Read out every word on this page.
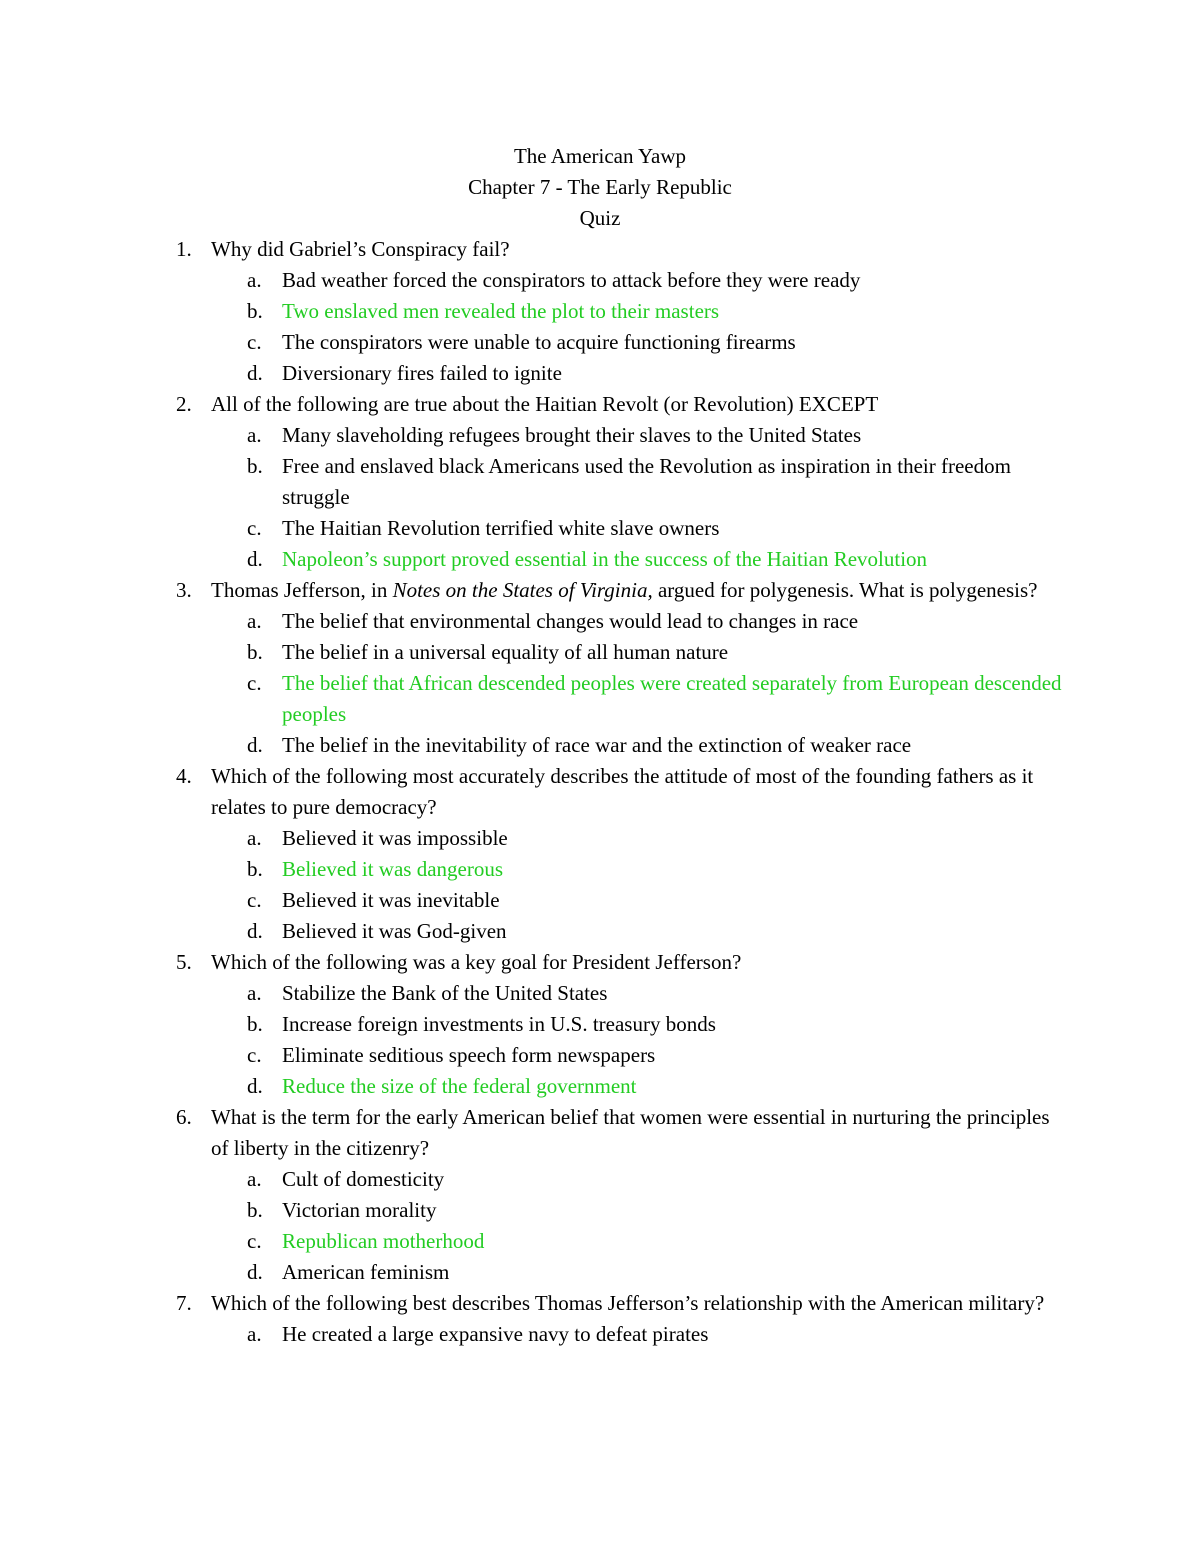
The American Yawp
Chapter 7 - The Early Republic
Quiz
1. Why did Gabriel’s Conspiracy fail?
a. Bad weather forced the conspirators to attack before they were ready
b. Two enslaved men revealed the plot to their masters
c. The conspirators were unable to acquire functioning firearms
d. Diversionary fires failed to ignite
2. All of the following are true about the Haitian Revolt (or Revolution) EXCEPT
a. Many slaveholding refugees brought their slaves to the United States
b. Free and enslaved black Americans used the Revolution as inspiration in their freedom struggle
c. The Haitian Revolution terrified white slave owners
d. Napoleon’s support proved essential in the success of the Haitian Revolution
3. Thomas Jefferson, in Notes on the States of Virginia, argued for polygenesis. What is polygenesis?
a. The belief that environmental changes would lead to changes in race
b. The belief in a universal equality of all human nature
c. The belief that African descended peoples were created separately from European descended peoples
d. The belief in the inevitability of race war and the extinction of weaker race
4. Which of the following most accurately describes the attitude of most of the founding fathers as it relates to pure democracy?
a. Believed it was impossible
b. Believed it was dangerous
c. Believed it was inevitable
d. Believed it was God-given
5. Which of the following was a key goal for President Jefferson?
a. Stabilize the Bank of the United States
b. Increase foreign investments in U.S. treasury bonds
c. Eliminate seditious speech form newspapers
d. Reduce the size of the federal government
6. What is the term for the early American belief that women were essential in nurturing the principles of liberty in the citizenry?
a. Cult of domesticity
b. Victorian morality
c. Republican motherhood
d. American feminism
7. Which of the following best describes Thomas Jefferson’s relationship with the American military?
a. He created a large expansive navy to defeat pirates
